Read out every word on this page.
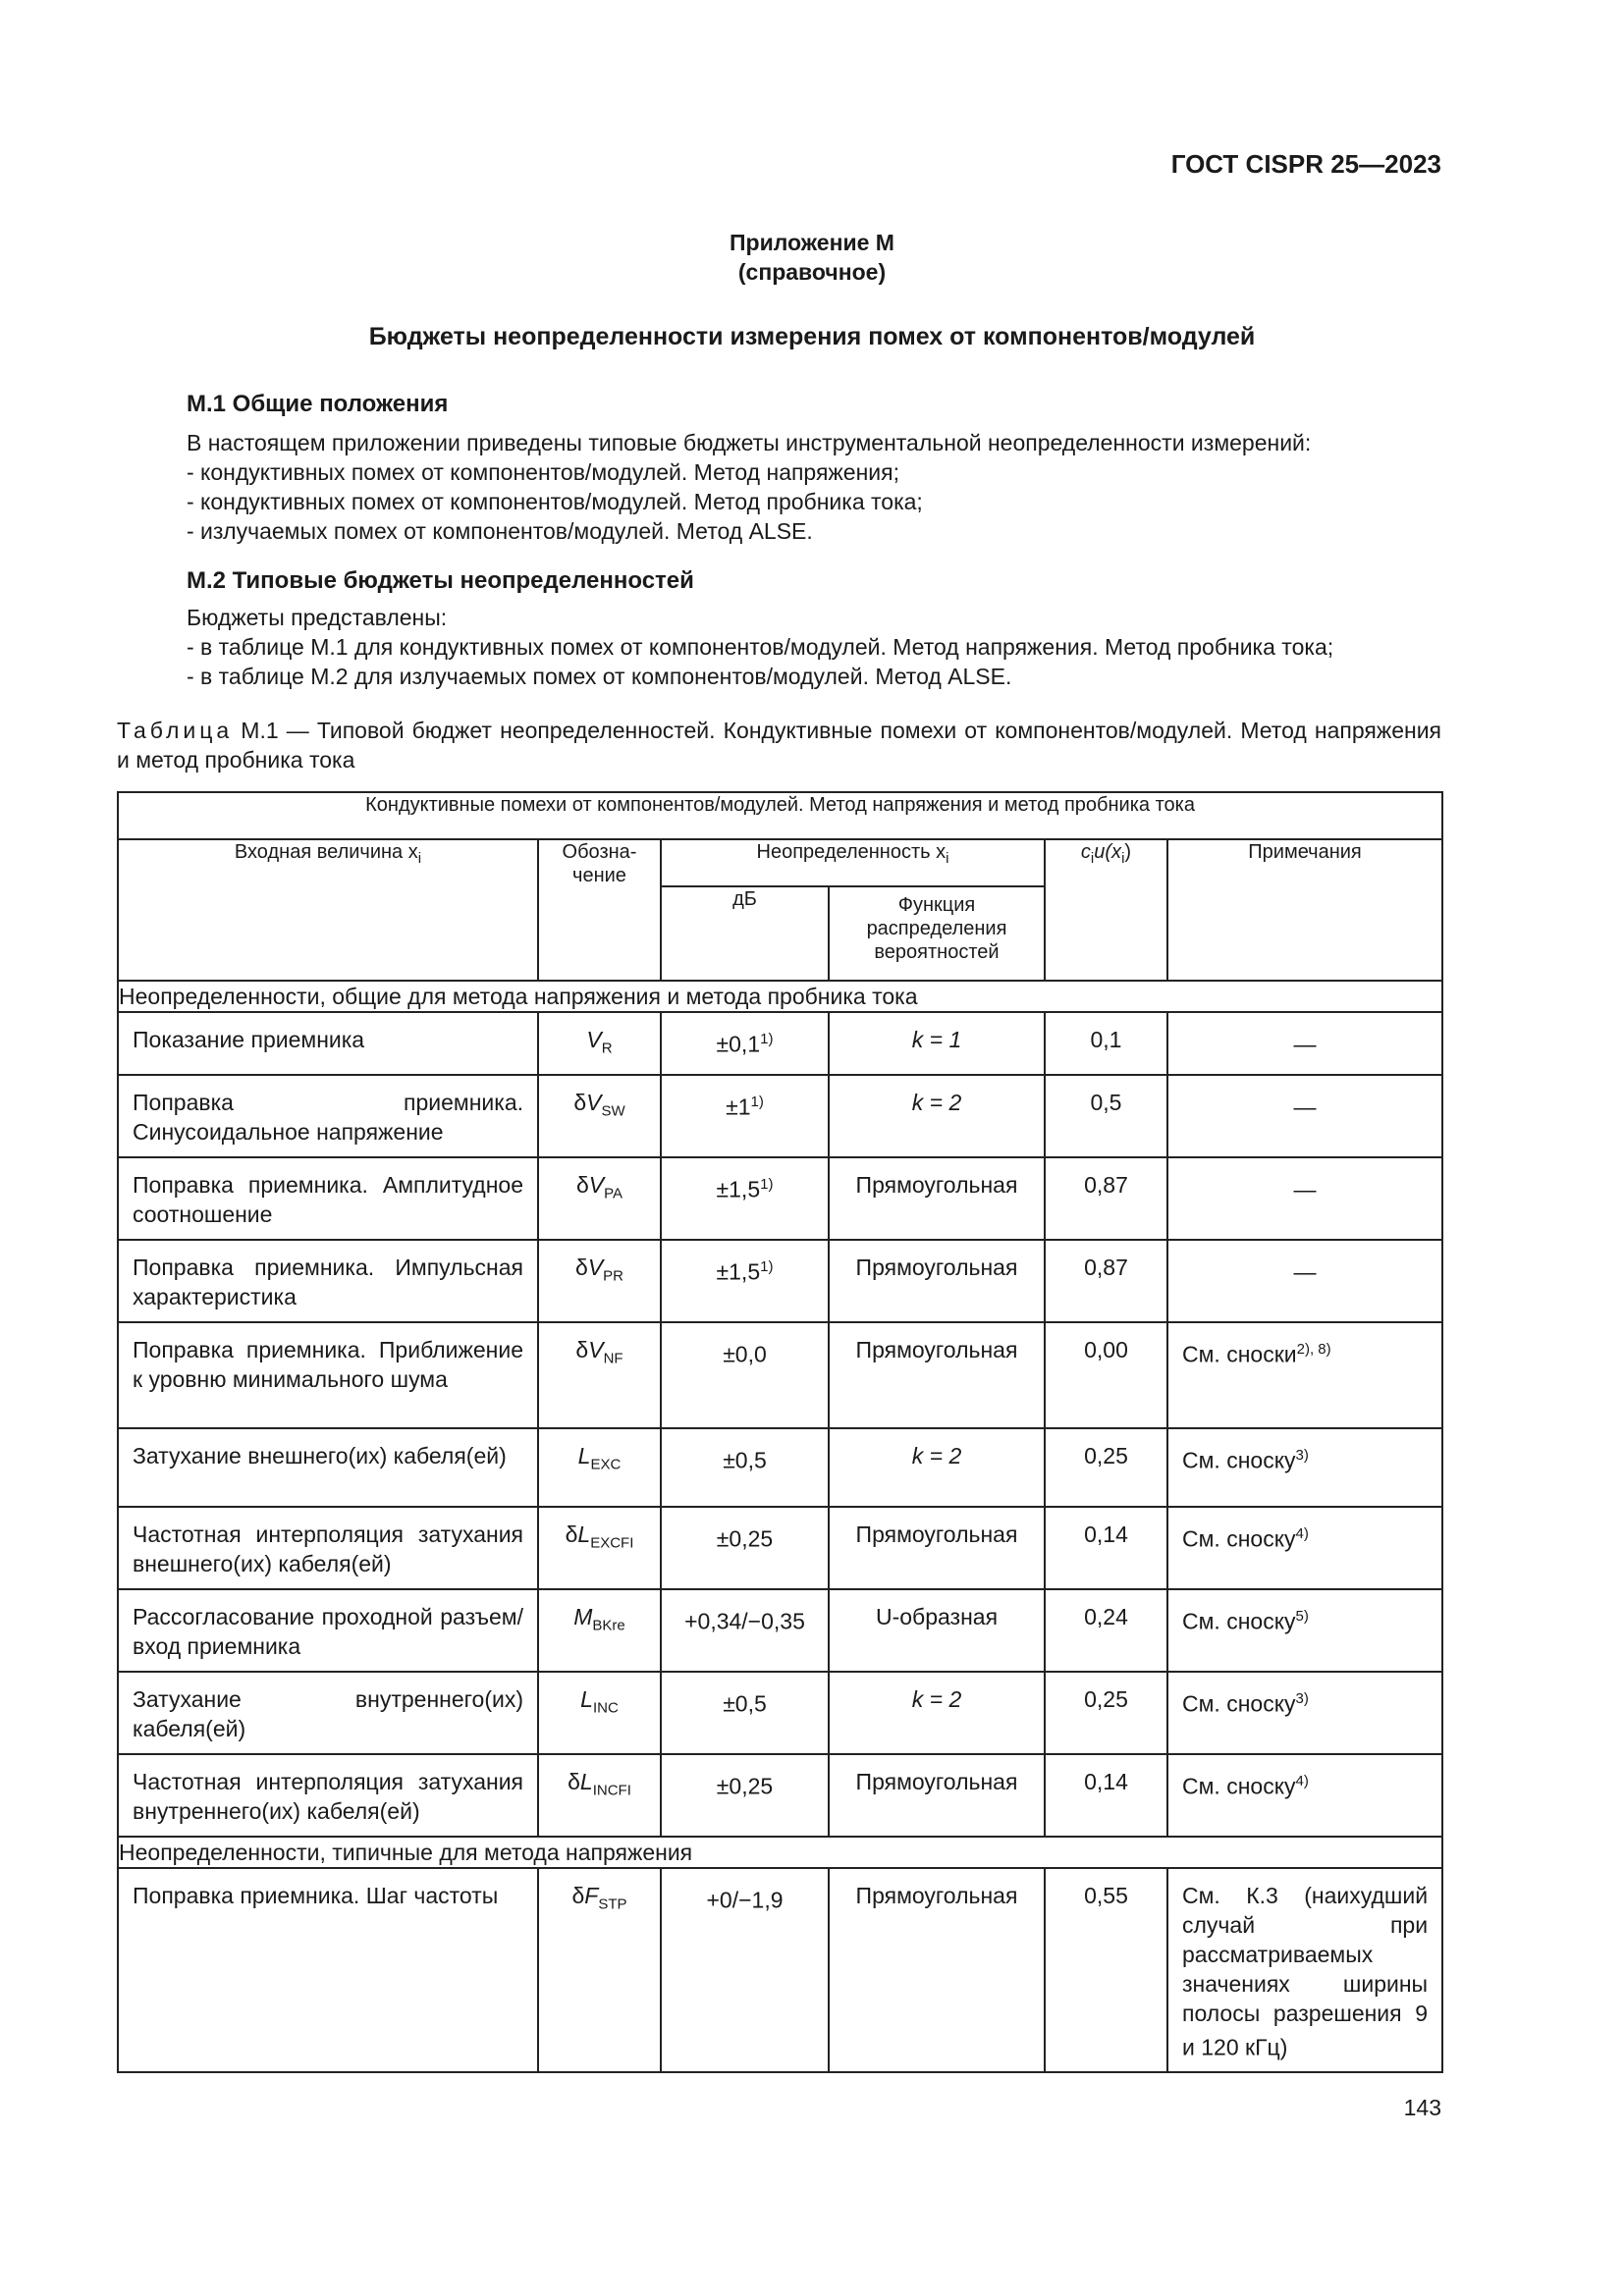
ГОСТ CISPR 25—2023
Приложение М
(справочное)
Бюджеты неопределенности измерения помех от компонентов/модулей
М.1 Общие положения
В настоящем приложении приведены типовые бюджеты инструментальной неопределенности измерений:
- кондуктивных помех от компонентов/модулей. Метод напряжения;
- кондуктивных помех от компонентов/модулей. Метод пробника тока;
- излучаемых помех от компонентов/модулей. Метод ALSE.
М.2 Типовые бюджеты неопределенностей
Бюджеты представлены:
- в таблице М.1 для кондуктивных помех от компонентов/модулей. Метод напряжения. Метод пробника тока;
- в таблице М.2 для излучаемых помех от компонентов/модулей. Метод ALSE.
Таблица М.1 — Типовой бюджет неопределенностей. Кондуктивные помехи от компонентов/модулей. Метод напряжения и метод пробника тока
Кондуктивные помехи от компонентов/модулей. Метод напряжения и метод пробника тока					
Входная величина $x_i$	Обозна-чение	Неопределенность $x_i$		$c_iu(x_i)$	Примечания
		дБ	Функция распределения вероятностей		
Неопределенности, общие для метода напряжения и метода пробника тока					

Показание приемника	$V_R$	$\pm 0,1^{1)}$	k = 1	0,1	—

Поправка приемника. Синусоидальное напряжение	$\delta V_{SW}$	$\pm 1^{1)}$	k = 2	0,5	—

Поправка приемника. Амплитудное соотношение	$\delta V_{PA}$	$\pm 1,5^{1)}$	Прямоугольная	0,87	—

Поправка приемника. Импульсная характеристика	$\delta V_{PR}$	$\pm 1,5^{1)}$	Прямоугольная	0,87	—

Поправка приемника. Приближение к уровню минимального шума	$\delta V_{NF}$	±0,0	Прямоугольная	0,00	См. сноски$^{2), 8)}$

Затухание внешнего(их) кабеля(ей)	$L_{EXC}$	±0,5	k = 2	0,25	См. сноску$^{3)}$

Частотная интерполяция затухания внешнего(их) кабеля(ей)	$\delta L_{EXCFI}$	±0,25	Прямоугольная	0,14	См. сноску$^{4)}$

Рассогласование проходной разъем/вход приемника	$M_{BKre}$	+0,34/−0,35	U-образная	0,24	См. сноску$^{5)}$

Затухание внутреннего(их) кабеля(ей)	$L_{INC}$	±0,5	k = 2	0,25	См. сноску$^{3)}$

Частотная интерполяция затухания внутреннего(их) кабеля(ей)	$\delta L_{INCFI}$	±0,25	Прямоугольная	0,14	См. сноску$^{4)}$

Неопределенности, типичные для метода напряжения					

Поправка приемника. Шаг частоты	$\delta F_{STP}$	+0/−1,9	Прямоугольная	0,55	См. К.3 (наихудший случай при рассматриваемых значениях ширины полосы разрешения 9 и 120 кГц)
143
